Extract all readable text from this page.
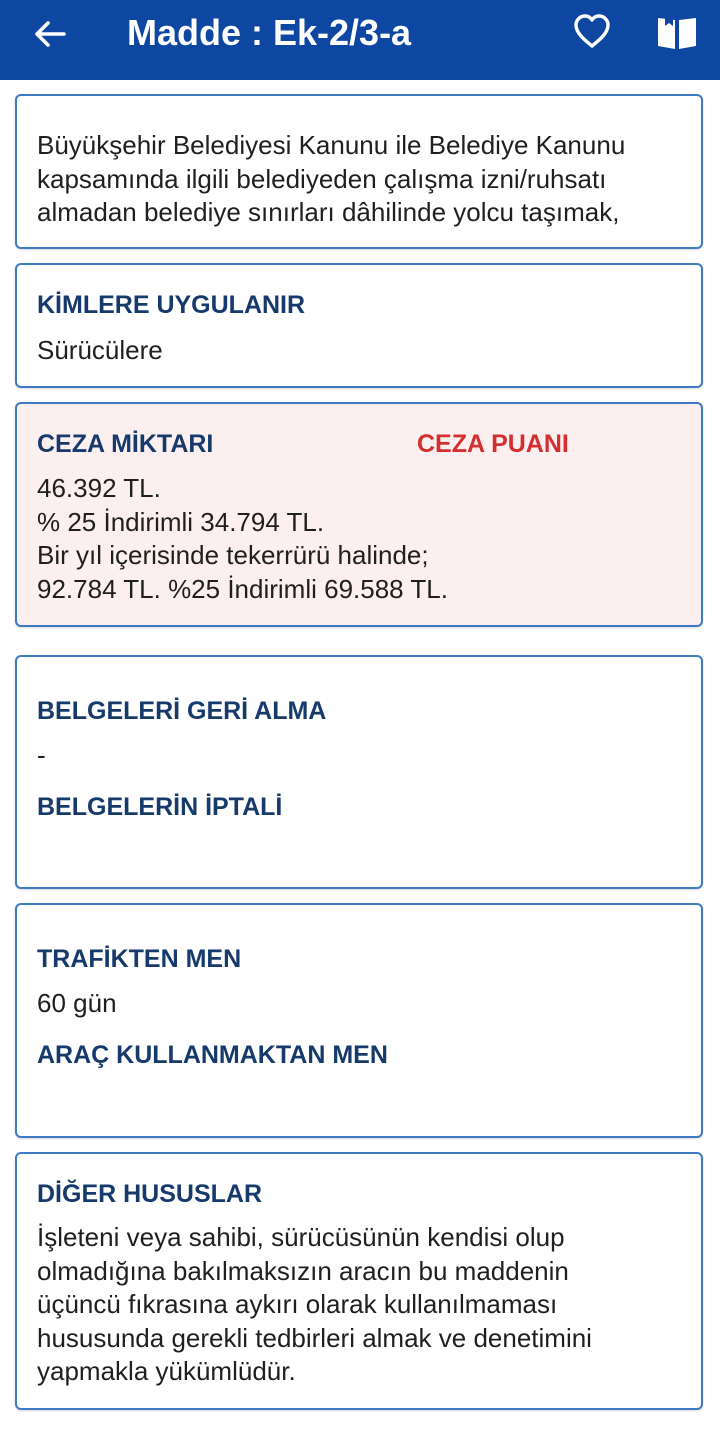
Madde : Ek-2/3-a
Büyükşehir Belediyesi Kanunu ile Belediye Kanunu
kapsamında ilgili belediyeden çalışma izni/ruhsatı
almadan belediye sınırları dâhilinde yolcu taşımak,
KİMLERE UYGULANIR
Sürücülere
CEZA MİKTARI	CEZA PUANI
46.392 TL.
% 25 İndirimli 34.794 TL.
Bir yıl içerisinde tekerrürü halinde;
92.784 TL. %25 İndirimli 69.588 TL.
BELGELERİ GERİ ALMA
-
BELGELERİN İPTALİ
TRAFİKTEN MEN
60 gün
ARAÇ KULLANMAKTAN MEN
DİĞER HUSUSLAR
İşleteni veya sahibi, sürücüsünün kendisi olup
olmadığına bakılmaksızın aracın bu maddenin
üçüncü fıkrasına aykırı olarak kullanılmaması
hususunda gerekli tedbirleri almak ve denetimini
yapmakla yükümlüdür.
